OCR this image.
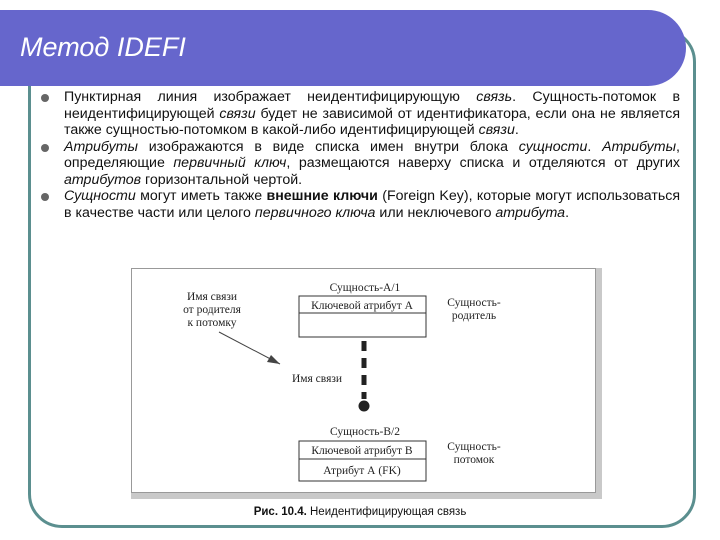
Метод IDEFI
Пунктирная линия изображает неидентифицирующую связь. Сущность-потомок в неидентифицирующей связи будет не зависимой от идентификатора, если она не является также сущностью-потомком в какой-либо идентифицирующей связи.
Атрибуты изображаются в виде списка имен внутри блока сущности. Атрибуты, определяющие первичный ключ, размещаются наверху списка и отделяются от других атрибутов горизонтальной чертой.
Сущности могут иметь также внешние ключи (Foreign Key), которые могут использоваться в качестве части или целого первичного ключа или неключевого атрибута.
Имя связи
от родителя
к потомку
Сущность-A/1
Ключевой атрибут А	Сущность-
родитель
Имя связи
Сущность-B/2
Ключевой атрибут В
Атрибут А (FK)
Сущность-
потомок
Рис. 10.4. Неидентифицирующая связь
